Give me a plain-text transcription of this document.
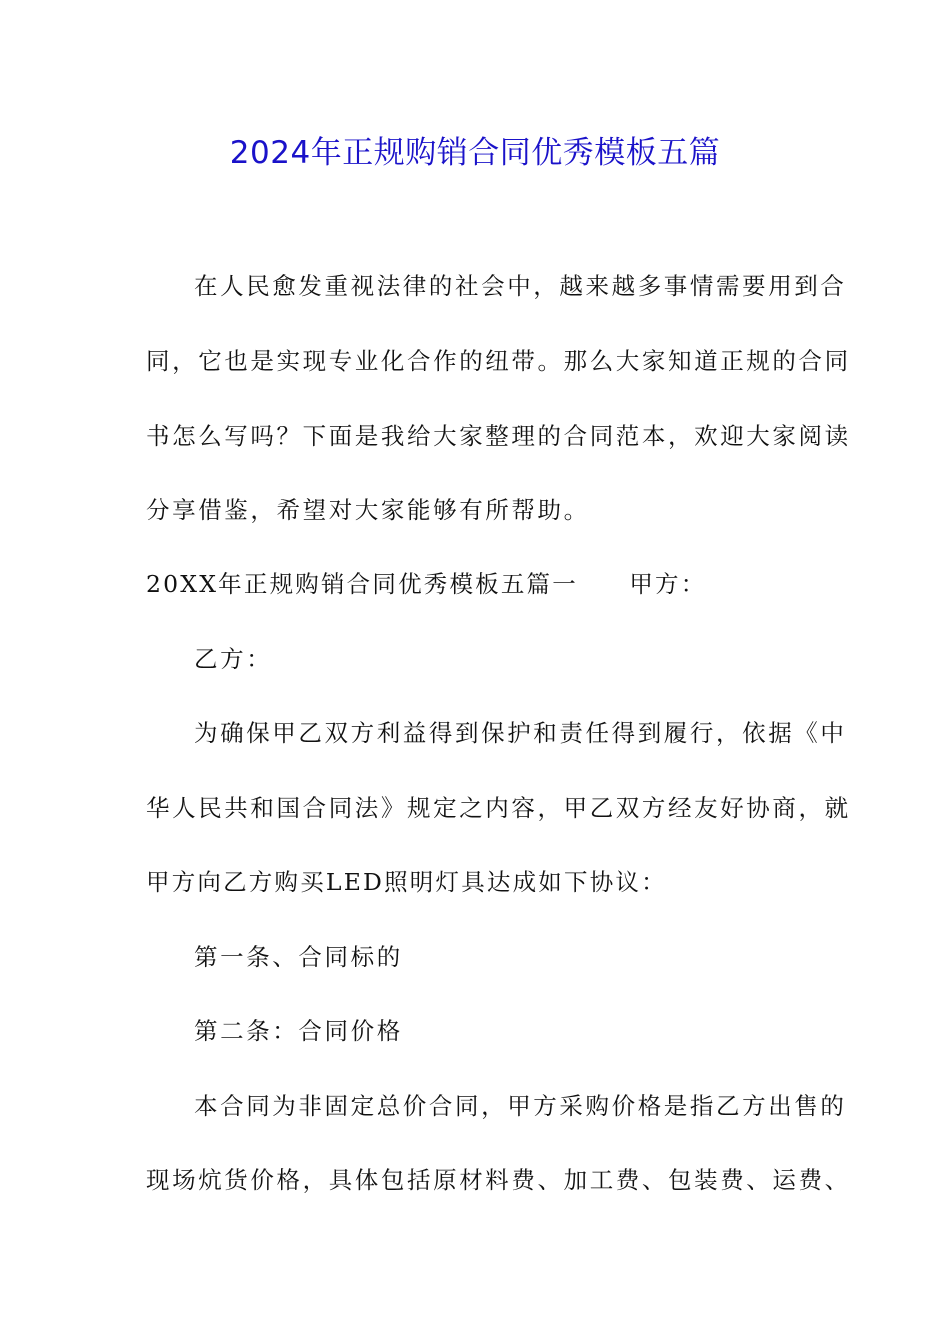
2024年正规购销合同优秀模板五篇
在人民愈发重视法律的社会中，越来越多事情需要用到合
同，它也是实现专业化合作的纽带。那么大家知道正规的合同
书怎么写吗？下面是我给大家整理的合同范本，欢迎大家阅读
分享借鉴，希望对大家能够有所帮助。
20XX年正规购销合同优秀模板五篇一　　甲方：
乙方：
为确保甲乙双方利益得到保护和责任得到履行，依据《中
华人民共和国合同法》规定之内容，甲乙双方经友好协商，就
甲方向乙方购买LED照明灯具达成如下协议：
第一条、合同标的
第二条：合同价格
本合同为非固定总价合同，甲方采购价格是指乙方出售的
现场炕货价格，具体包括原材料费、加工费、包装费、运费、
